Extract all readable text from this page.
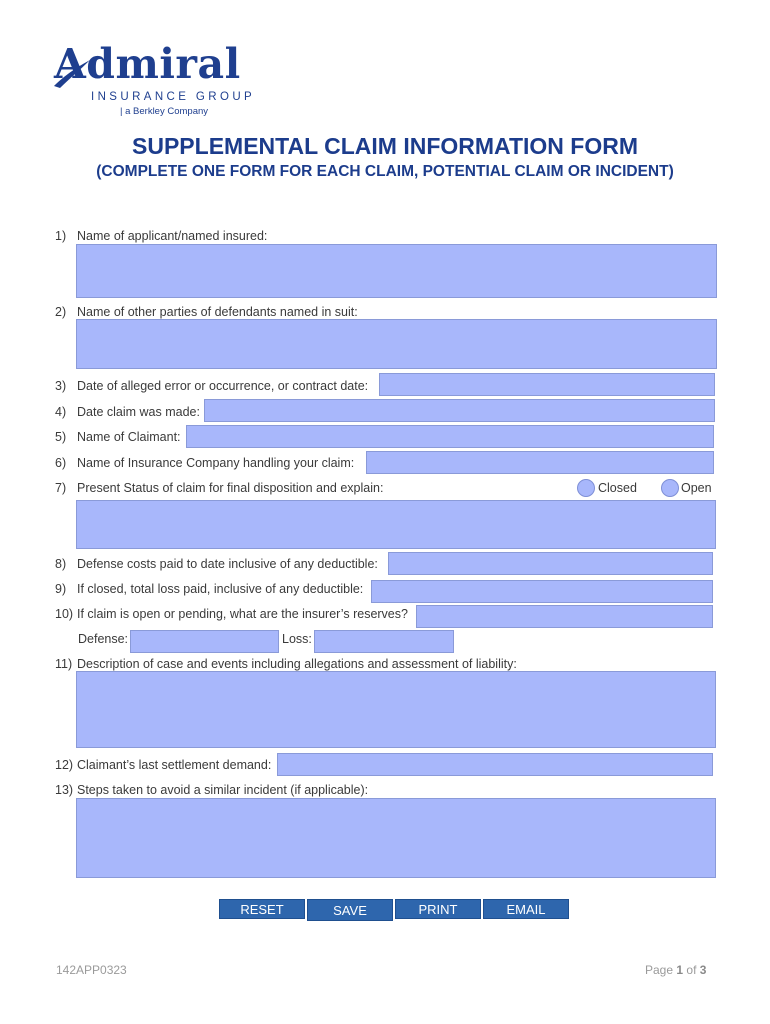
Admiral
INSURANCE GROUP
| a Berkley Company
SUPPLEMENTAL CLAIM INFORMATION FORM
(COMPLETE ONE FORM FOR EACH CLAIM, POTENTIAL CLAIM OR INCIDENT)
1) Name of applicant/named insured:
2) Name of other parties of defendants named in suit:
3) Date of alleged error or occurrence, or contract date:
4) Date claim was made:
5) Name of Claimant:
6) Name of Insurance Company handling your claim:
7) Present Status of claim for final disposition and explain:	Closed	Open
8) Defense costs paid to date inclusive of any deductible:
9) If closed, total loss paid, inclusive of any deductible:
10) If claim is open or pending, what are the insurer’s reserves?
Defense:	Loss:
11) Description of case and events including allegations and assessment of liability:
12) Claimant’s last settlement demand:
13) Steps taken to avoid a similar incident (if applicable):
RESET	SAVE	PRINT	EMAIL
142APP0323	Page 1 of 3
